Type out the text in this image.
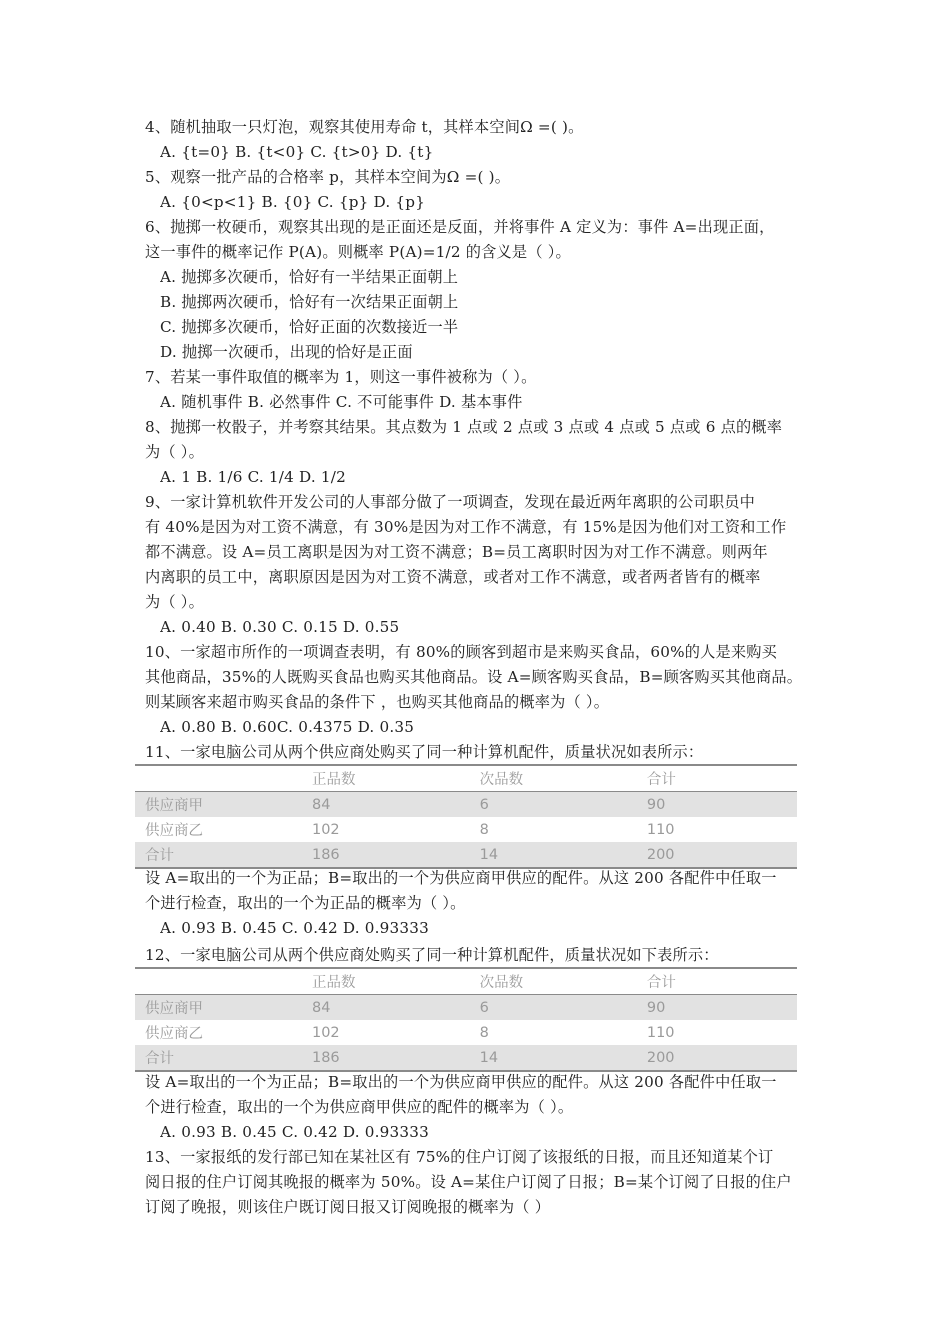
4、随机抽取一只灯泡，观察其使用寿命 t，其样本空间Ω =( )。
A. {t=0} B. {t<0} C. {t>0} D. {t}
5、观察一批产品的合格率 p，其样本空间为Ω =( )。
A. {0<p<1} B. {0} C. {p} D. {p}
6、抛掷一枚硬币，观察其出现的是正面还是反面，并将事件 A 定义为：事件 A=出现正面，
这一事件的概率记作 P(A)。则概率 P(A)=1/2 的含义是（ ）。
A. 抛掷多次硬币，恰好有一半结果正面朝上
B. 抛掷两次硬币，恰好有一次结果正面朝上
C. 抛掷多次硬币，恰好正面的次数接近一半
D. 抛掷一次硬币，出现的恰好是正面
7、若某一事件取值的概率为 1，则这一事件被称为（ ）。
A. 随机事件 B. 必然事件 C. 不可能事件 D. 基本事件
8、抛掷一枚骰子，并考察其结果。其点数为 1 点或 2 点或 3 点或 4 点或 5 点或 6 点的概率
为（ ）。
A. 1 B. 1/6 C. 1/4 D. 1/2
9、一家计算机软件开发公司的人事部分做了一项调查，发现在最近两年离职的公司职员中
有 40%是因为对工资不满意，有 30%是因为对工作不满意，有 15%是因为他们对工资和工作
都不满意。设 A=员工离职是因为对工资不满意；B=员工离职时因为对工作不满意。则两年
内离职的员工中，离职原因是因为对工资不满意，或者对工作不满意，或者两者皆有的概率
为（ ）。
A. 0.40 B. 0.30 C. 0.15 D. 0.55
10、一家超市所作的一项调查表明，有 80%的顾客到超市是来购买食品，60%的人是来购买
其他商品，35%的人既购买食品也购买其他商品。设 A=顾客购买食品，B=顾客购买其他商品。
则某顾客来超市购买食品的条件下 ，也购买其他商品的概率为（ ）。
A. 0.80 B. 0.60C. 0.4375 D. 0.35
11、一家电脑公司从两个供应商处购买了同一种计算机配件，质量状况如表所示：
	正品数	次品数	合计
供应商甲	84	6	90
供应商乙	102	8	110
合计	186	14	200
设 A=取出的一个为正品；B=取出的一个为供应商甲供应的配件。从这 200 各配件中任取一
个进行检查，取出的一个为正品的概率为（ ）。
A. 0.93 B. 0.45 C. 0.42 D. 0.93333
12、一家电脑公司从两个供应商处购买了同一种计算机配件，质量状况如下表所示：
	正品数	次品数	合计
供应商甲	84	6	90
供应商乙	102	8	110
合计	186	14	200
设 A=取出的一个为正品；B=取出的一个为供应商甲供应的配件。从这 200 各配件中任取一
个进行检查，取出的一个为供应商甲供应的配件的概率为（ ）。
A. 0.93 B. 0.45 C. 0.42 D. 0.93333
13、一家报纸的发行部已知在某社区有 75%的住户订阅了该报纸的日报，而且还知道某个订
阅日报的住户订阅其晚报的概率为 50%。设 A=某住户订阅了日报；B=某个订阅了日报的住户
订阅了晚报，则该住户既订阅日报又订阅晚报的概率为（ ）
